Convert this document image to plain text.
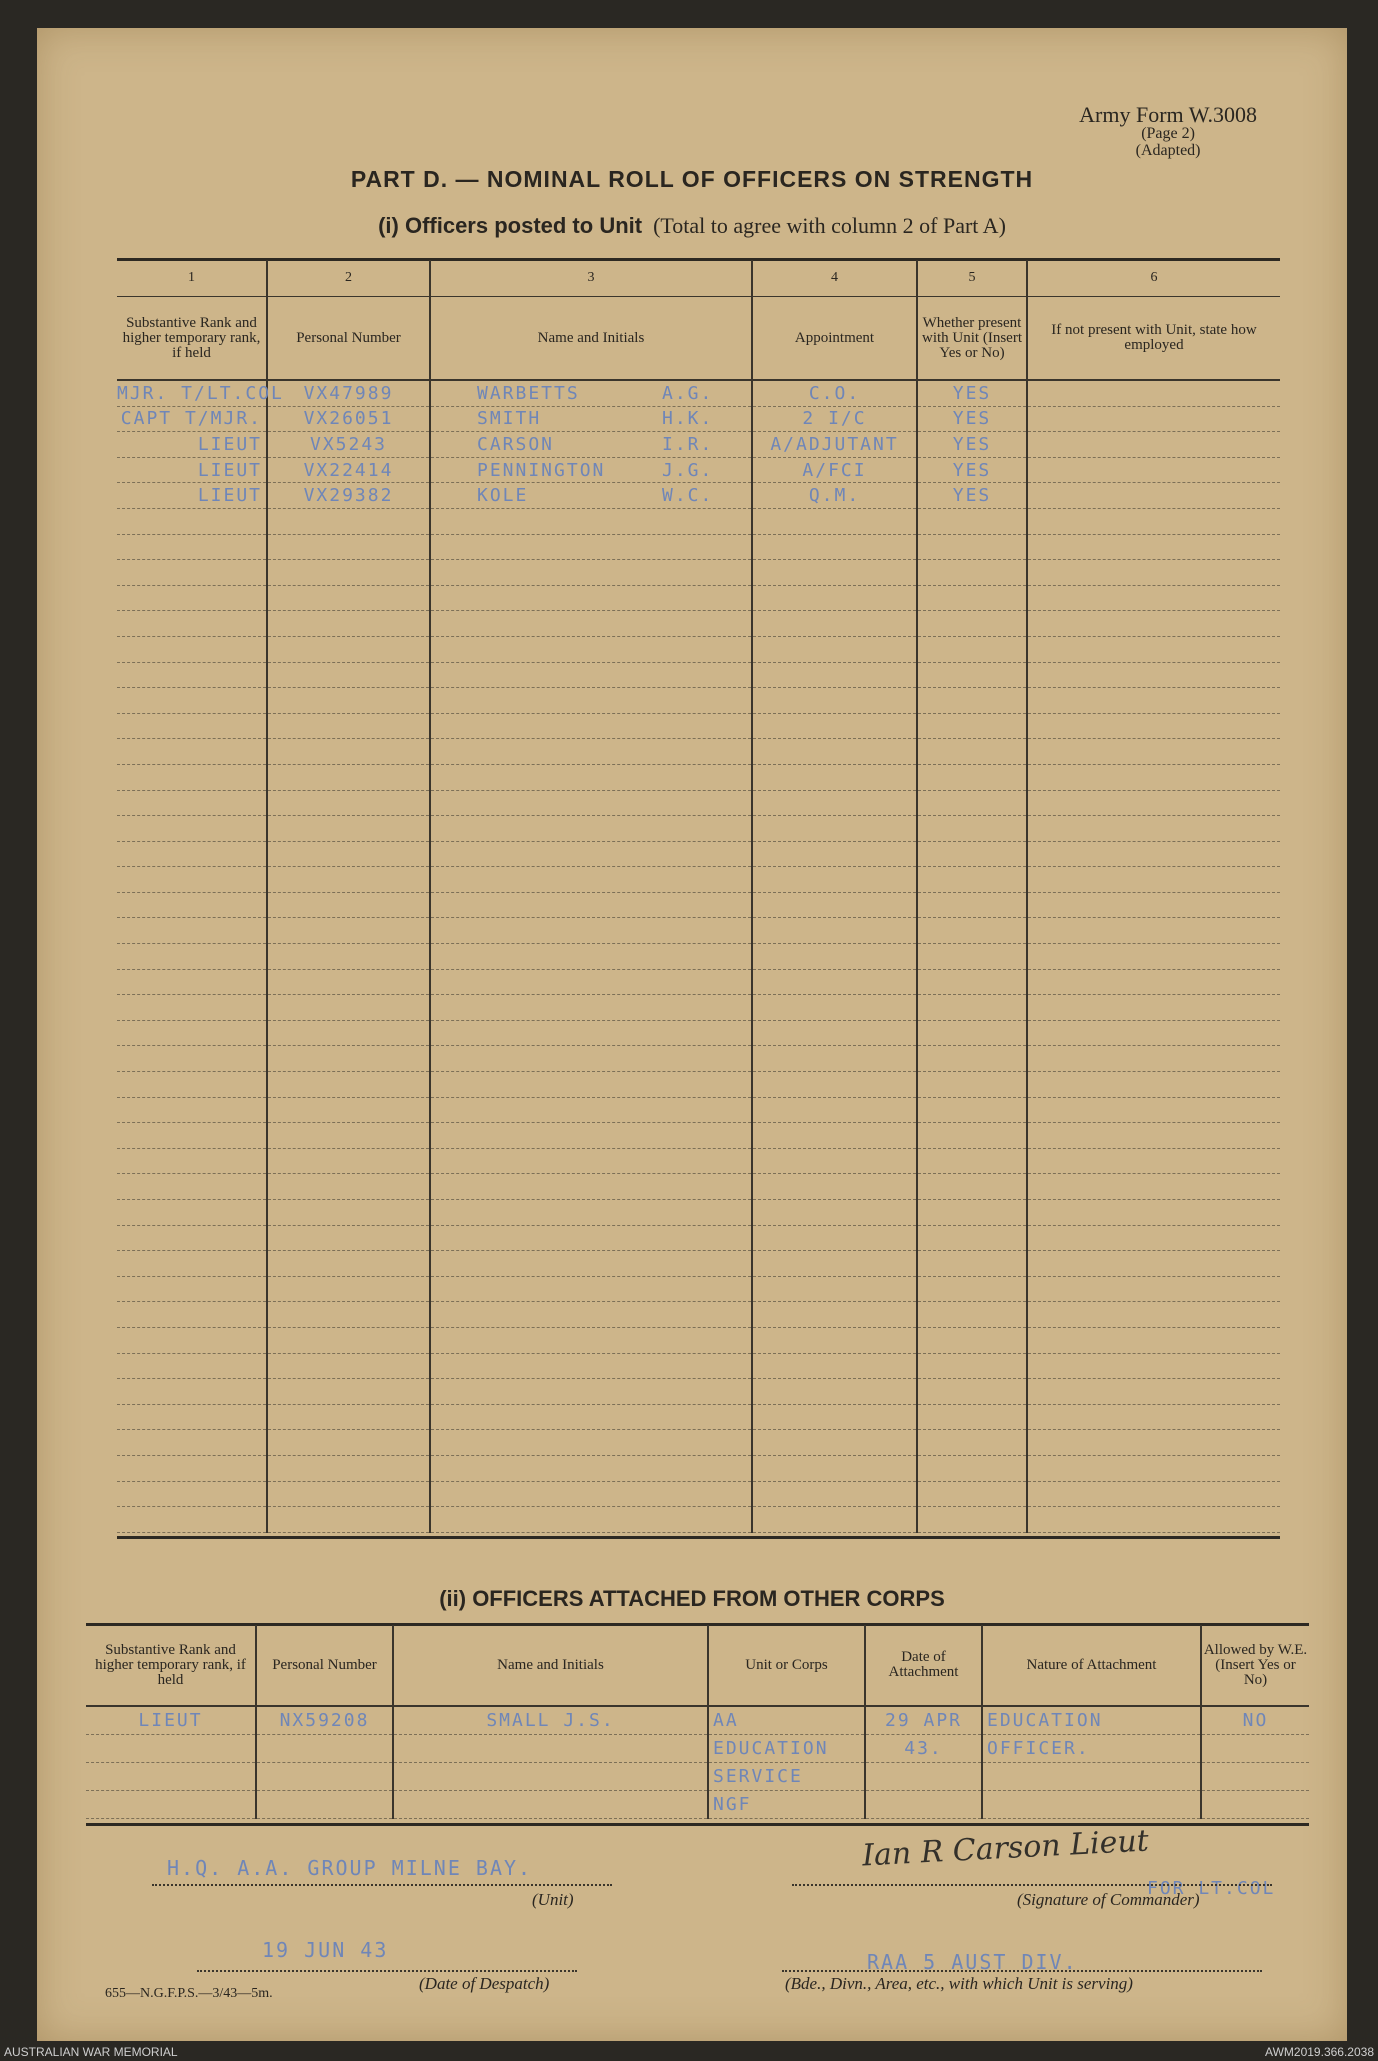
Army Form W.3008
(Page 2)
(Adapted)
PART D. — NOMINAL ROLL OF OFFICERS ON STRENGTH
(i) Officers posted to Unit (Total to agree with column 2 of Part A)
1	2	3	4	5	6
Substantive Rank and higher temporary rank, if held	Personal Number	Name and Initials	Appointment	Whether present with Unit (Insert Yes or No)	If not present with Unit, state how employed
MJR. T/LT.COL	VX47989	WARBETTS A.G.	C.O.	YES	
CAPT T/MJR.	VX26051	SMITH H.K.	2 I/C	YES	
LIEUT	VX5243	CARSON I.R.	A/ADJUTANT	YES	
LIEUT	VX22414	PENNINGTON J.G.	A/FCI	YES	
LIEUT	VX29382	KOLE W.C.	Q.M.	YES	

(ii) OFFICERS ATTACHED FROM OTHER CORPS
Substantive Rank and higher temporary rank, if held	Personal Number	Name and Initials	Unit or Corps	Date of Attachment	Nature of Attachment	Allowed by W.E. (Insert Yes or No)
LIEUT	NX59208	SMALL J.S.	AA	29 APR	EDUCATION	NO
			EDUCATION	43.	OFFICER.	
			SERVICE			
			NGF			
H.Q. A.A. GROUP MILNE BAY.
(Unit)
Ian R Carson Lieut
FOR LT.COL
(Signature of Commander)
19 JUN 43
(Date of Despatch)
RAA 5 AUST DIV.
(Bde., Divn., Area, etc., with which Unit is serving)
655—N.G.F.P.S.—3/43—5m.
AUSTRALIAN WAR MEMORIAL	AWM2019.366.2038
